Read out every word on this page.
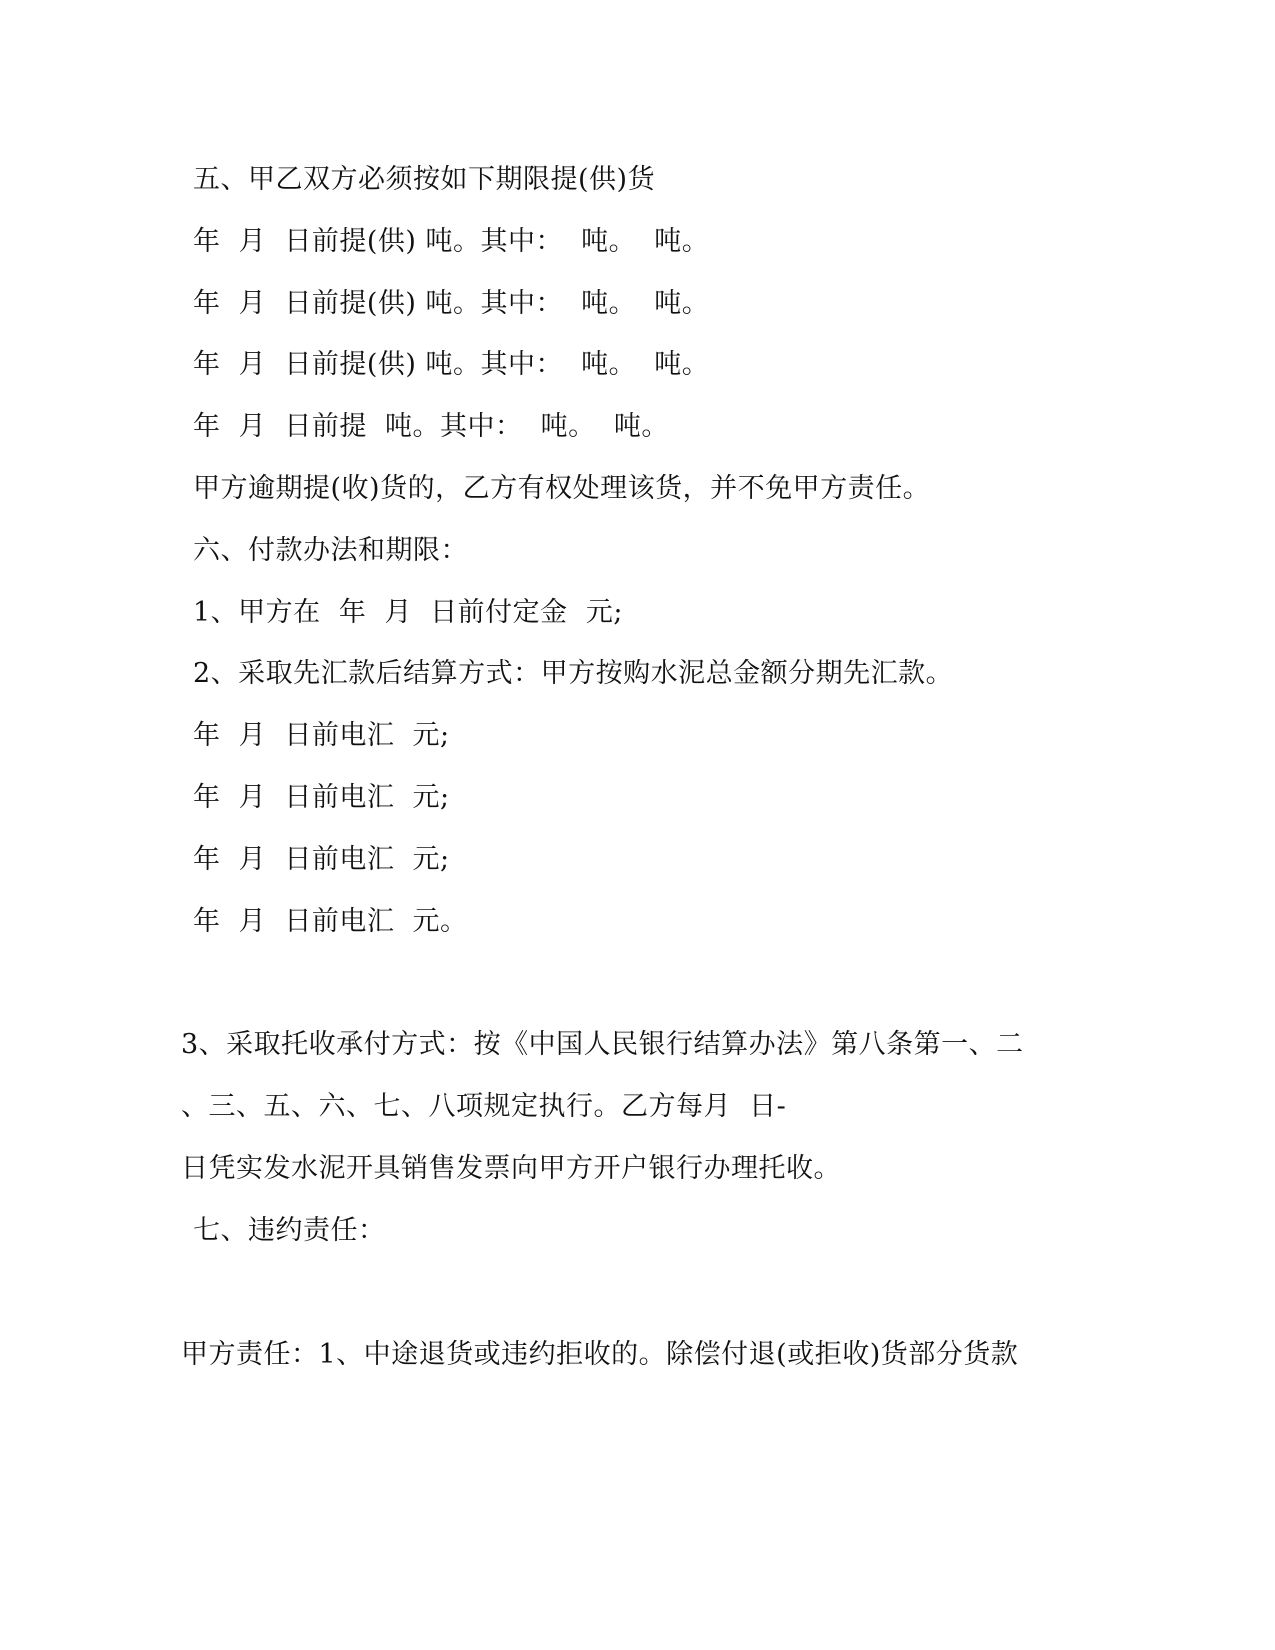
五、甲乙双方必须按如下期限提(供)货
年  月  日前提(供) 吨。其中：  吨。  吨。
年  月  日前提(供) 吨。其中：  吨。  吨。
年  月  日前提(供) 吨。其中：  吨。  吨。
年  月  日前提  吨。其中：  吨。  吨。
甲方逾期提(收)货的，乙方有权处理该货，并不免甲方责任。
六、付款办法和期限：
1、甲方在  年  月  日前付定金  元;
2、采取先汇款后结算方式：甲方按购水泥总金额分期先汇款。
年  月  日前电汇  元;
年  月  日前电汇  元;
年  月  日前电汇  元;
年  月  日前电汇  元。
3、采取托收承付方式：按《中国人民银行结算办法》第八条第一、二
、三、五、六、七、八项规定执行。乙方每月  日-
日凭实发水泥开具销售发票向甲方开户银行办理托收。
七、违约责任：
甲方责任：1、中途退货或违约拒收的。除偿付退(或拒收)货部分货款
